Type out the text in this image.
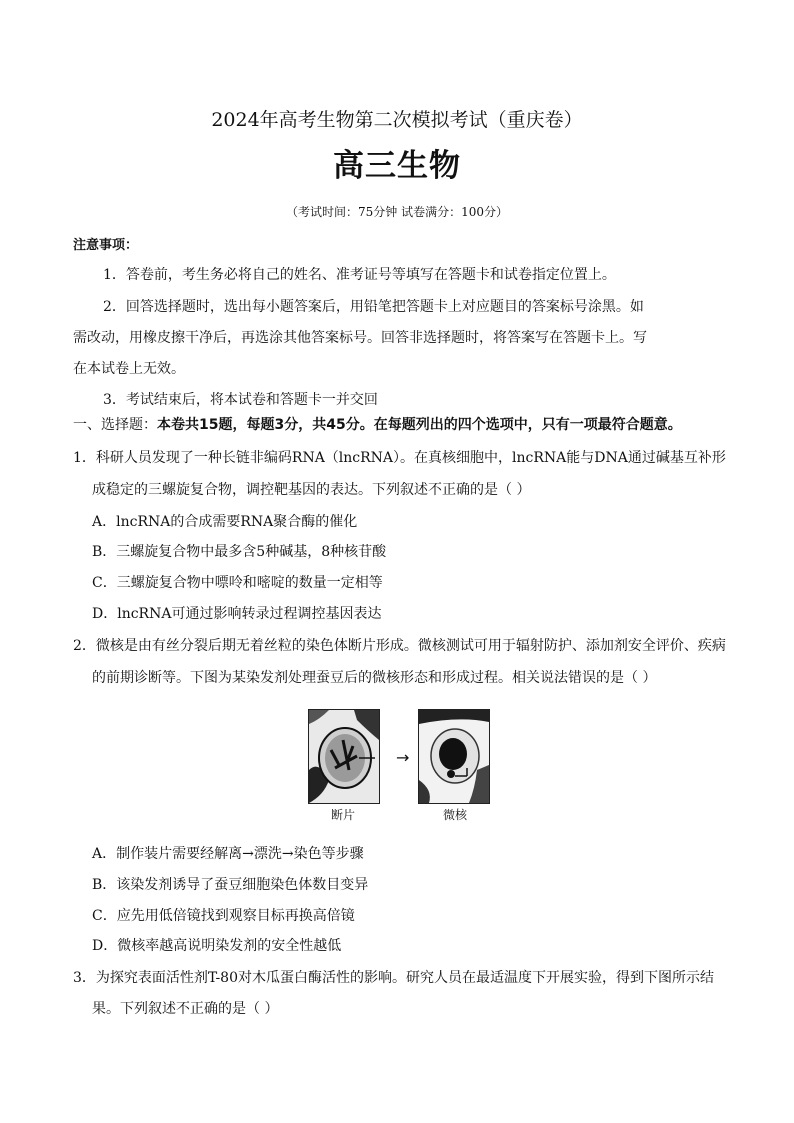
2024年高考生物第二次模拟考试（重庆卷）
高三生物
（考试时间：75分钟 试卷满分：100分）
注意事项：
1．答卷前，考生务必将自己的姓名、准考证号等填写在答题卡和试卷指定位置上。
2．回答选择题时，选出每小题答案后，用铅笔把答题卡上对应题目的答案标号涂黑。如
需改动，用橡皮擦干净后，再选涂其他答案标号。回答非选择题时，将答案写在答题卡上。写
在本试卷上无效。
3．考试结束后，将本试卷和答题卡一并交回
一、选择题：本卷共15题，每题3分，共45分。在每题列出的四个选项中，只有一项最符合题意。
1．科研人员发现了一种长链非编码RNA（lncRNA）。在真核细胞中，lncRNA能与DNA通过碱基互补形
成稳定的三螺旋复合物，调控靶基因的表达。下列叙述不正确的是（ ）
A．lncRNA的合成需要RNA聚合酶的催化
B．三螺旋复合物中最多含5种碱基，8种核苷酸
C．三螺旋复合物中嘌呤和嘧啶的数量一定相等
D．lncRNA可通过影响转录过程调控基因表达
2．微核是由有丝分裂后期无着丝粒的染色体断片形成。微核测试可用于辐射防护、添加剂安全评价、疾病
的前期诊断等。下图为某染发剂处理蚕豆后的微核形态和形成过程。相关说法错误的是（ ）
→
断片	微核
A．制作装片需要经解离→漂洗→染色等步骤
B．该染发剂诱导了蚕豆细胞染色体数目变异
C．应先用低倍镜找到观察目标再换高倍镜
D．微核率越高说明染发剂的安全性越低
3．为探究表面活性剂T-80对木瓜蛋白酶活性的影响。研究人员在最适温度下开展实验，得到下图所示结
果。下列叙述不正确的是（ ）
